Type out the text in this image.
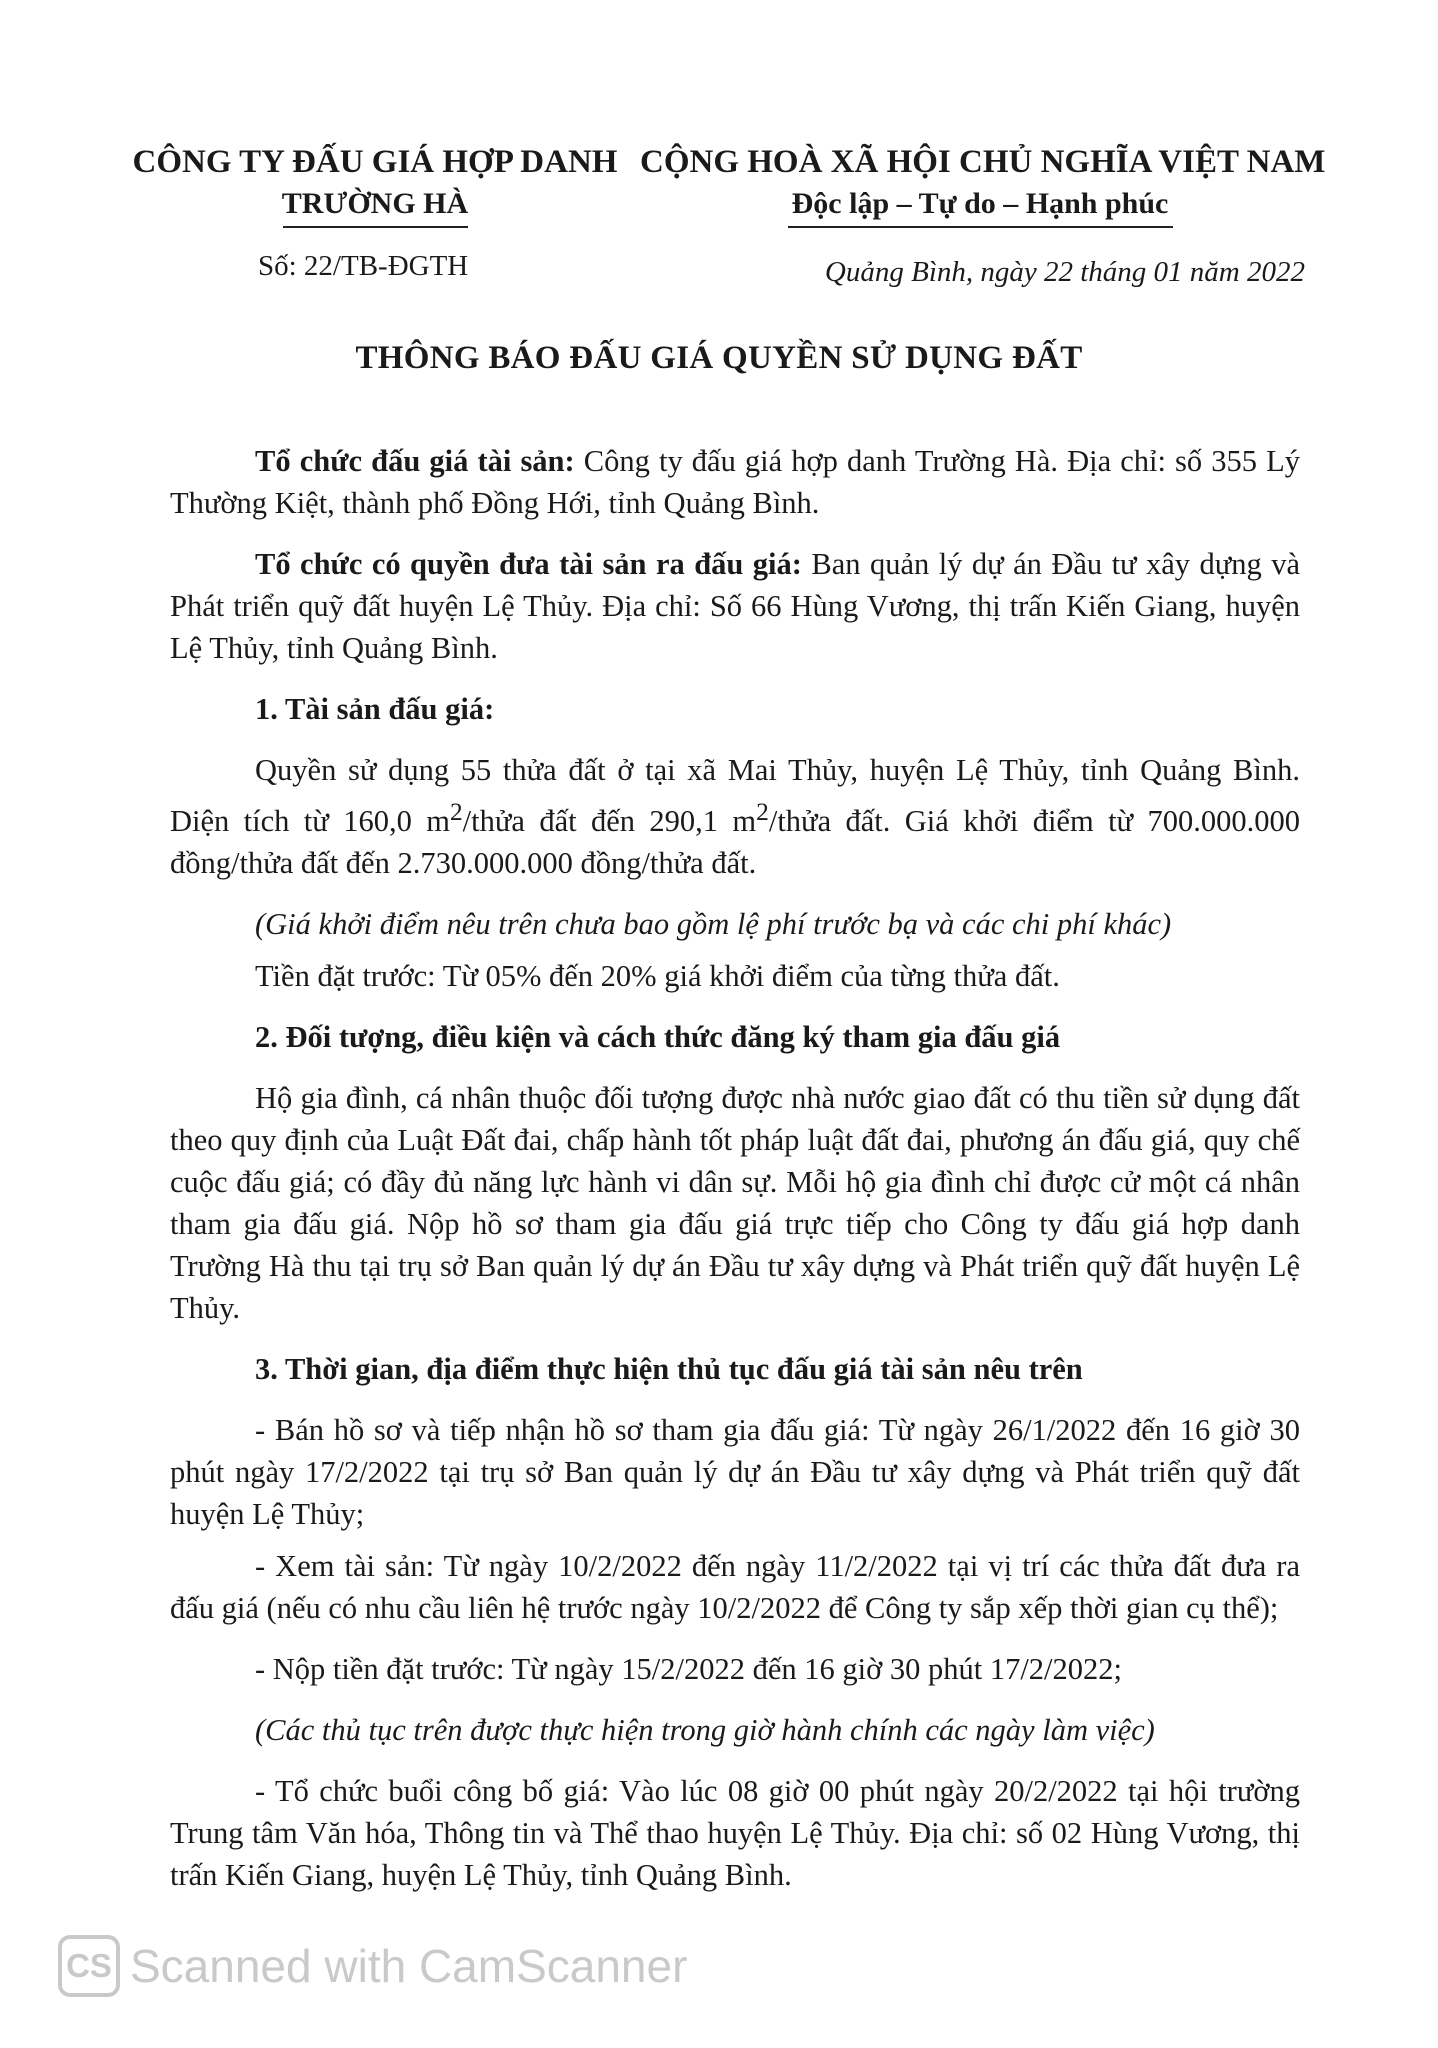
CÔNG TY ĐẤU GIÁ HỢP DANH
TRƯỜNG HÀ
CỘNG HOÀ XÃ HỘI CHỦ NGHĨA VIỆT NAM
Độc lập – Tự do – Hạnh phúc
Số: 22/TB-ĐGTH	Quảng Bình, ngày 22 tháng 01 năm 2022
THÔNG BÁO ĐẤU GIÁ QUYỀN SỬ DỤNG ĐẤT

Tổ chức đấu giá tài sản: Công ty đấu giá hợp danh Trường Hà. Địa chỉ: số 355 Lý Thường Kiệt, thành phố Đồng Hới, tỉnh Quảng Bình.

Tổ chức có quyền đưa tài sản ra đấu giá: Ban quản lý dự án Đầu tư xây dựng và Phát triển quỹ đất huyện Lệ Thủy. Địa chỉ: Số 66 Hùng Vương, thị trấn Kiến Giang, huyện Lệ Thủy, tỉnh Quảng Bình.

1. Tài sản đấu giá:

Quyền sử dụng 55 thửa đất ở tại xã Mai Thủy, huyện Lệ Thủy, tỉnh Quảng Bình. Diện tích từ 160,0 $m^2$/thửa đất đến 290,1 $m^2$/thửa đất. Giá khởi điểm từ 700.000.000 đồng/thửa đất đến 2.730.000.000 đồng/thửa đất.

(Giá khởi điểm nêu trên chưa bao gồm lệ phí trước bạ và các chi phí khác)

Tiền đặt trước: Từ 05% đến 20% giá khởi điểm của từng thửa đất.

2. Đối tượng, điều kiện và cách thức đăng ký tham gia đấu giá

Hộ gia đình, cá nhân thuộc đối tượng được nhà nước giao đất có thu tiền sử dụng đất theo quy định của Luật Đất đai, chấp hành tốt pháp luật đất đai, phương án đấu giá, quy chế cuộc đấu giá; có đầy đủ năng lực hành vi dân sự. Mỗi hộ gia đình chỉ được cử một cá nhân tham gia đấu giá. Nộp hồ sơ tham gia đấu giá trực tiếp cho Công ty đấu giá hợp danh Trường Hà thu tại trụ sở Ban quản lý dự án Đầu tư xây dựng và Phát triển quỹ đất huyện Lệ Thủy.

3. Thời gian, địa điểm thực hiện thủ tục đấu giá tài sản nêu trên

- Bán hồ sơ và tiếp nhận hồ sơ tham gia đấu giá: Từ ngày 26/1/2022 đến 16 giờ 30 phút ngày 17/2/2022 tại trụ sở Ban quản lý dự án Đầu tư xây dựng và Phát triển quỹ đất huyện Lệ Thủy;

- Xem tài sản: Từ ngày 10/2/2022 đến ngày 11/2/2022 tại vị trí các thửa đất đưa ra đấu giá (nếu có nhu cầu liên hệ trước ngày 10/2/2022 để Công ty sắp xếp thời gian cụ thể);

- Nộp tiền đặt trước: Từ ngày 15/2/2022 đến 16 giờ 30 phút 17/2/2022;

(Các thủ tục trên được thực hiện trong giờ hành chính các ngày làm việc)

- Tổ chức buổi công bố giá: Vào lúc 08 giờ 00 phút ngày 20/2/2022 tại hội trường Trung tâm Văn hóa, Thông tin và Thể thao huyện Lệ Thủy. Địa chỉ: số 02 Hùng Vương, thị trấn Kiến Giang, huyện Lệ Thủy, tỉnh Quảng Bình.

CS Scanned with CamScanner
